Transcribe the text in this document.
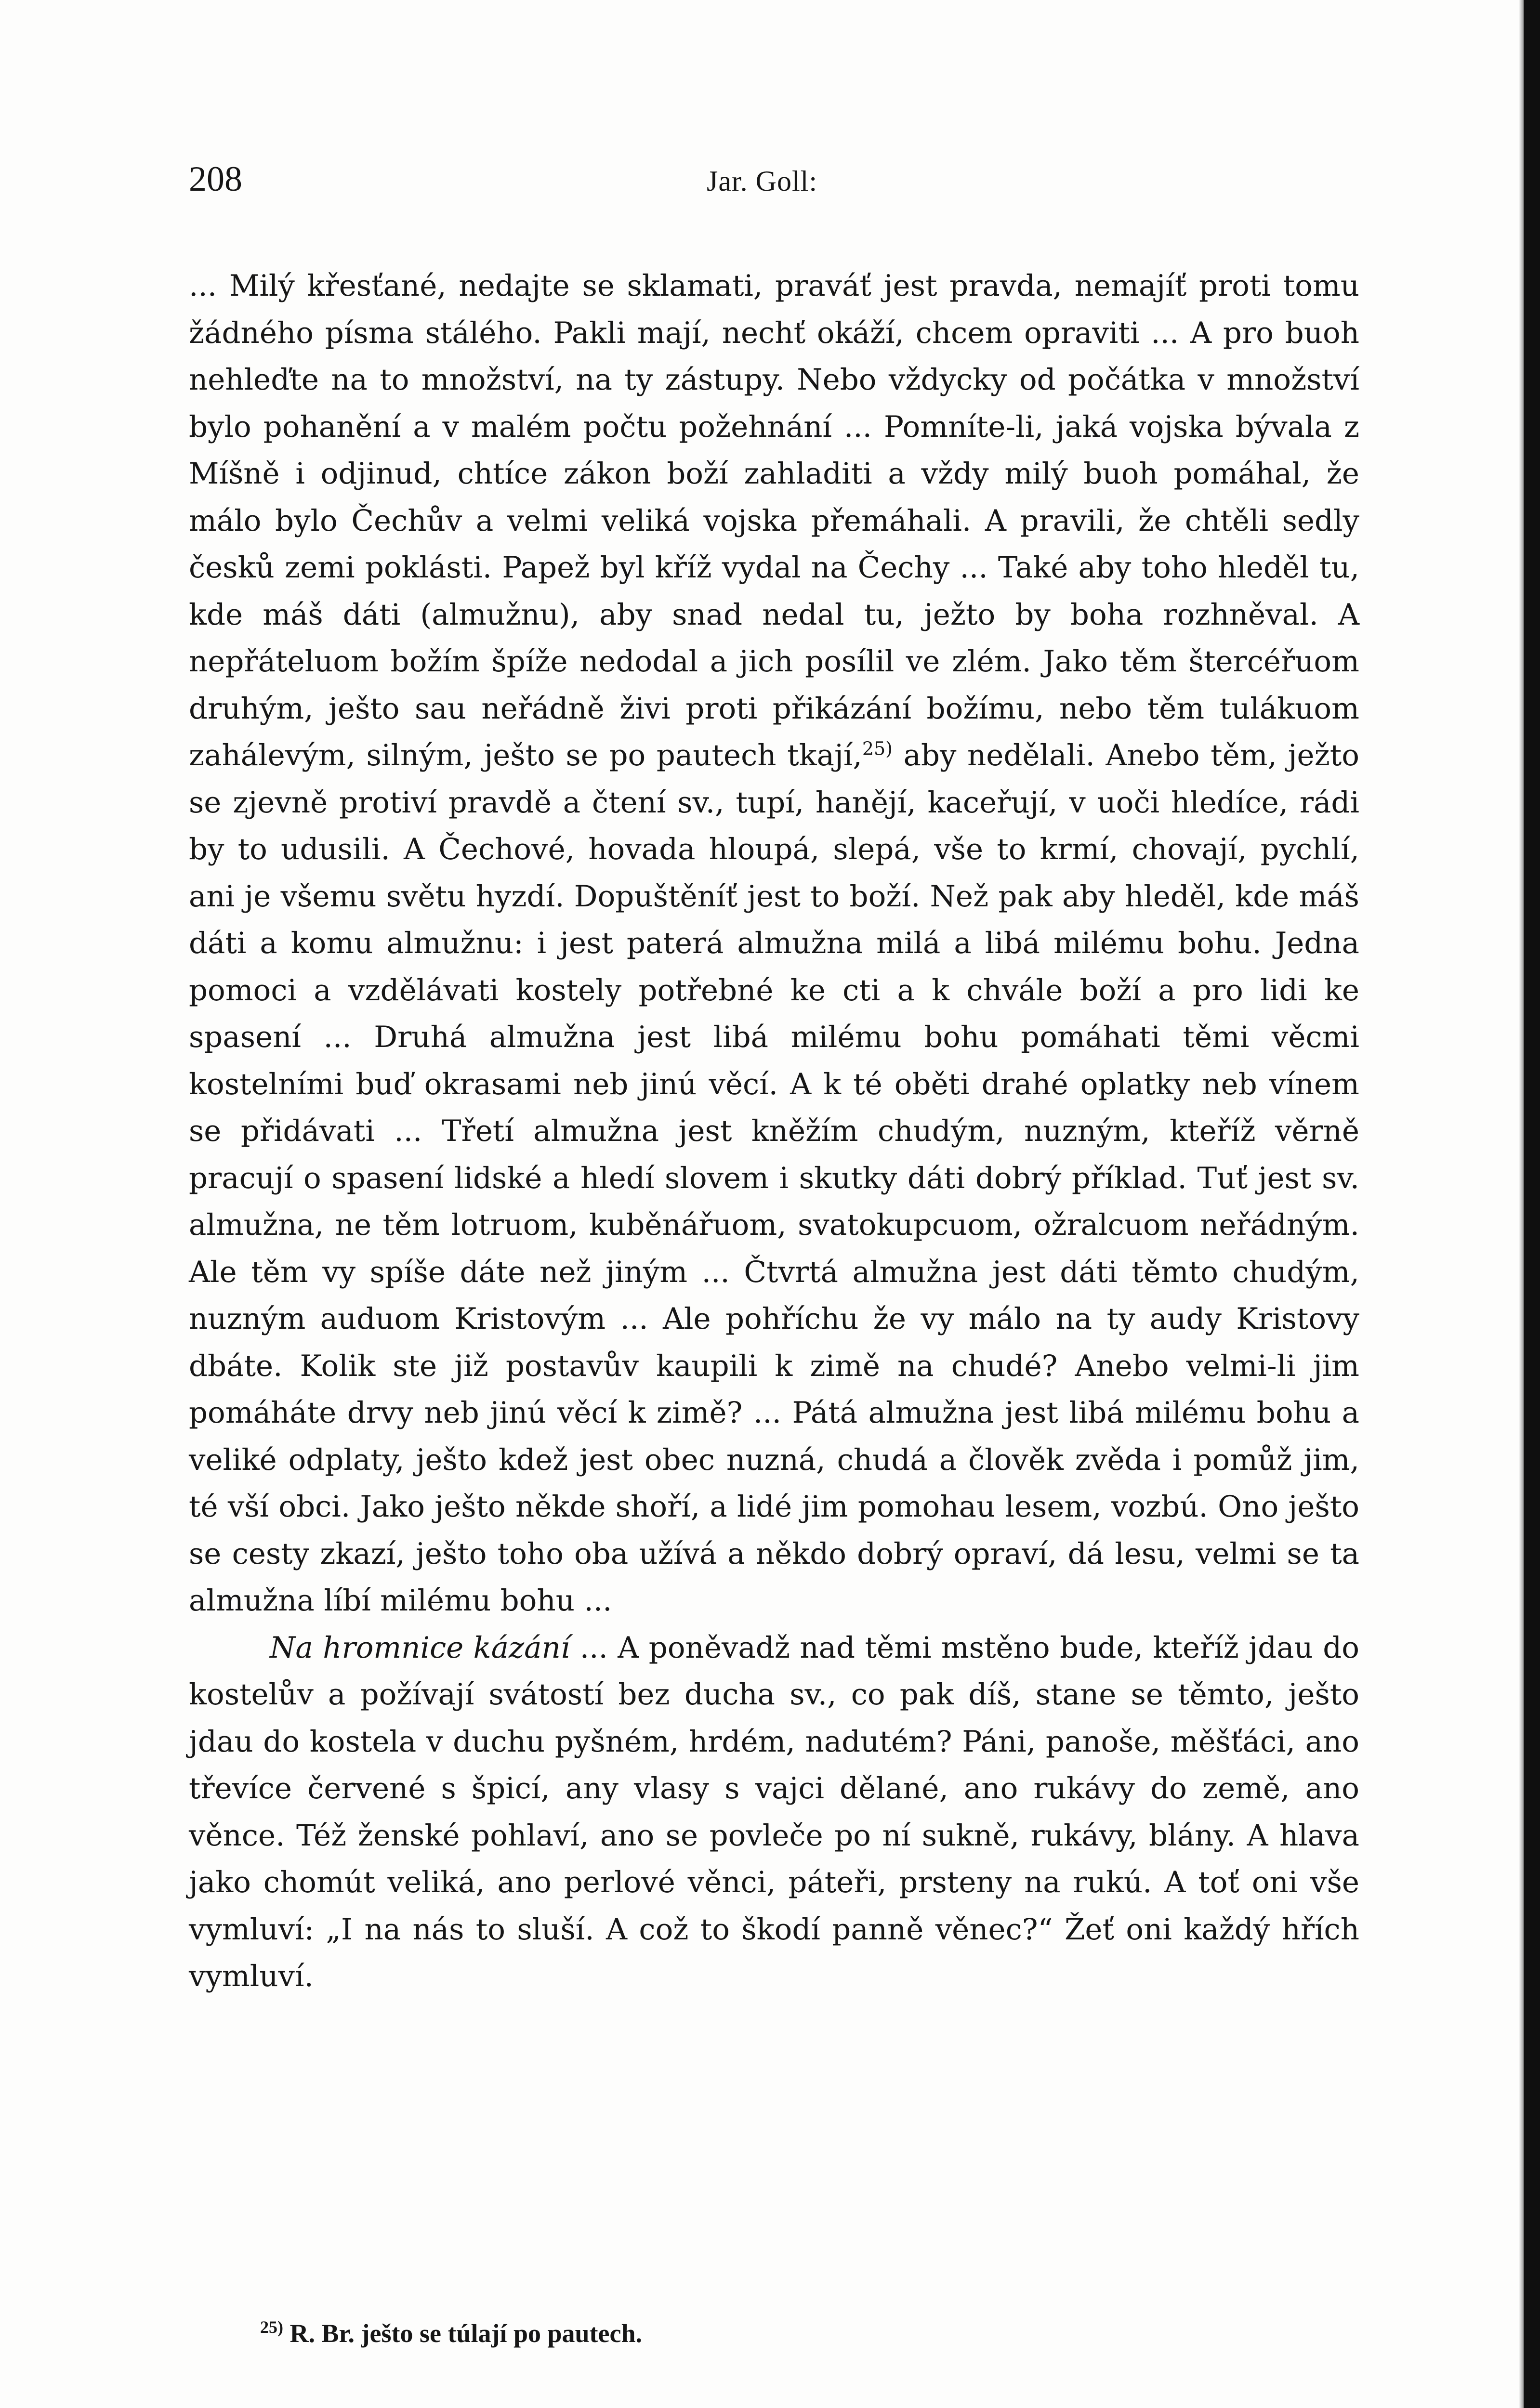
208	Jar. Goll:

... Milý křesťané, nedajte se sklamati, praváť jest pravda, nemajíť proti tomu žádného písma stálého. Pakli mají, nechť okáží, chcem opraviti ... A pro buoh nehleďte na to množství, na ty zástupy. Nebo vždycky od počátka v množství bylo pohanění a v malém počtu požehnání ... Pomníte-li, jaká vojska bývala z Míšně i odjinud, chtíce zákon boží zahladiti a vždy milý buoh pomáhal, že málo bylo Čechův a velmi veliká vojska přemáhali. A pravili, že chtěli sedly česků zemi poklásti. Papež byl kříž vydal na Čechy ... Také aby toho hleděl tu, kde máš dáti (almužnu), aby snad nedal tu, ježto by boha rozhněval. A nepřáteluom božím špíže nedodal a jich posílil ve zlém. Jako těm štercéřuom druhým, ješto sau neřádně živi proti přikázání božímu, nebo těm tulákuom zahálevým, silným, ješto se po pautech tkají,$^{25)}$ aby nedělali. Anebo těm, ježto se zjevně protiví pravdě a čtení sv., tupí, hanějí, kaceřují, v uoči hledíce, rádi by to udusili. A Čechové, hovada hloupá, slepá, vše to krmí, chovají, pychlí, ani je všemu světu hyzdí. Dopuštěníť jest to boží. Než pak aby hleděl, kde máš dáti a komu almužnu: i jest paterá almužna milá a libá milému bohu. Jedna pomoci a vzdělávati kostely potřebné ke cti a k chvále boží a pro lidi ke spasení ... Druhá almužna jest libá milému bohu pomáhati těmi věcmi kostelními buď okrasami neb jinú věcí. A k té oběti drahé oplatky neb vínem se přidávati ... Třetí almužna jest kněžím chudým, nuzným, kteříž věrně pracují o spasení lidské a hledí slovem i skutky dáti dobrý příklad. Tuť jest sv. almužna, ne těm lotruom, kuběnářuom, svatokupcuom, ožralcuom neřádným. Ale těm vy spíše dáte než jiným ... Čtvrtá almužna jest dáti těmto chudým, nuzným auduom Kristovým ... Ale pohříchu že vy málo na ty audy Kristovy dbáte. Kolik ste již postavův kaupili k zimě na chudé? Anebo velmi-li jim pomáháte drvy neb jinú věcí k zimě? ... Pátá almužna jest libá milému bohu a veliké odplaty, ješto kdež jest obec nuzná, chudá a člověk zvěda i pomůž jim, té vší obci. Jako ješto někde shoří, a lidé jim pomohau lesem, vozbú. Ono ješto se cesty zkazí, ješto toho oba užívá a někdo dobrý opraví, dá lesu, velmi se ta almužna líbí milému bohu ...

Na hromnice kázání ... A poněvadž nad těmi mstěno bude, kteříž jdau do kostelův a požívají svátostí bez ducha sv., co pak díš, stane se těmto, ješto jdau do kostela v duchu pyšném, hrdém, nadutém? Páni, panoše, měšťáci, ano třevíce červené s špicí, any vlasy s vajci dělané, ano rukávy do země, ano věnce. Též ženské pohlaví, ano se povleče po ní sukně, rukávy, blány. A hlava jako chomút veliká, ano perlové věnci, páteři, prsteny na rukú. A toť oni vše vymluví: „I na nás to sluší. A což to škodí panně věnec?“ Žeť oni každý hřích vymluví.

$^{25)}$ R. Br. ješto se túlají po pautech.
